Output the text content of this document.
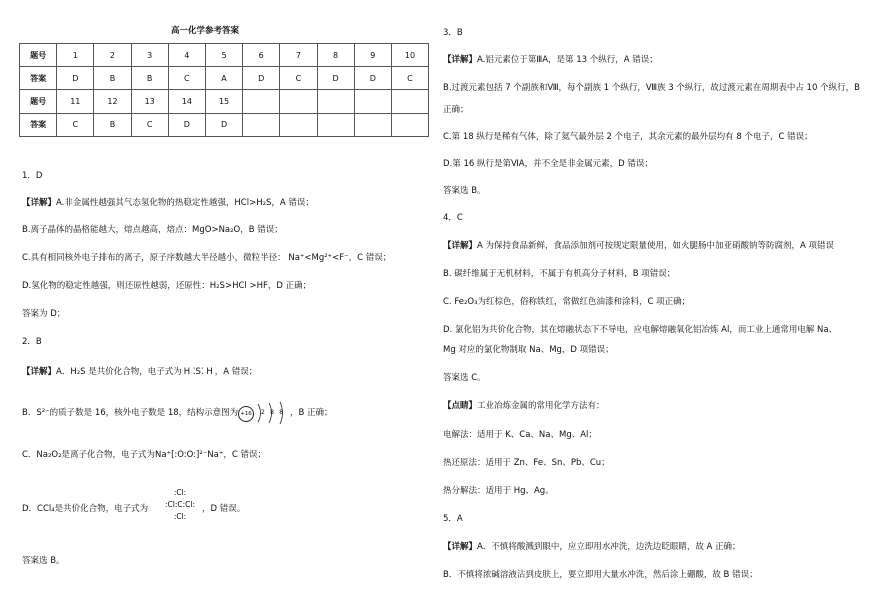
高一化学参考答案
题号	1	2	3	4	5	6	7	8	9	10
答案	D	B	B	C	A	D	C	D	D	C
题号	11	12	13	14	15					
答案	C	B	C	D	D					
1．D
【详解】A.非金属性越强其气态氢化物的热稳定性越强，HCl>H₂S，A 错误；
B.离子晶体的晶格能越大，熔点越高，熔点：MgO>Na₂O，B 错误；
C.具有相同核外电子排布的离子，原子序数越大半径越小，微粒半径： Na⁺<Mg²⁺<F⁻，C 错误；
D.氢化物的稳定性越强，则还原性越弱，还原性：H₂S>HCl >HF，D 正确；
答案为 D；
2．B
【详解】A．H₂S 是共价化合物，电子式为 H ⁚S⁚ H ，A 错误；
B．S²⁻的质子数是 16，核外电子数是 18，结构示意图为 +16	2  8  8 ，B 正确；
C．Na₂O₂是离子化合物，电子式为Na⁺[:O:O:]²⁻Na⁺，C 错误；
D．CCl₄是共价化合物，电子式为
:Cl:
:Cl:C:Cl:
:Cl:
，D 错误。
答案选 B。
3．B
【详解】A.铝元素位于第ⅢA，是第 13 个纵行，A 错误；
B.过渡元素包括 7 个副族和Ⅷ，每个副族 1 个纵行，Ⅷ族 3 个纵行，故过渡元素在周期表中占 10 个纵行，B
正确；
C.第 18 纵行是稀有气体，除了氦气最外层 2 个电子，其余元素的最外层均有 8 个电子，C 错误；
D.第 16 纵行是第ⅥA，并不全是非金属元素，D 错误；
答案选 B。
4．C
【详解】A 为保持食品新鲜，食品添加剂可按规定限量使用，如火腿肠中加亚硝酸钠等防腐剂，A 项错误
B. 碳纤维属于无机材料，不属于有机高分子材料，B 项错误；
C. Fe₂O₃为红棕色，俗称铁红，常做红色油漆和涂料，C 项正确；
D. 氯化铝为共价化合物，其在熔融状态下不导电，应电解熔融氧化铝冶炼 Al，而工业上通常用电解 Na、
Mg 对应的氯化物制取 Na、Mg，D 项错误；
答案选 C。
【点睛】工业冶炼金属的常用化学方法有：
电解法：适用于 K、Ca、Na、Mg、Al；
热还原法：适用于 Zn、Fe、Sn、Pb、Cu；
热分解法：适用于 Hg、Ag。
5．A
【详解】A．不慎将酸溅到眼中，应立即用水冲洗，边洗边眨眼睛，故 A 正确；
B．不慎将浓碱溶液沾到皮肤上，要立即用大量水冲洗，然后涂上硼酸，故 B 错误；
